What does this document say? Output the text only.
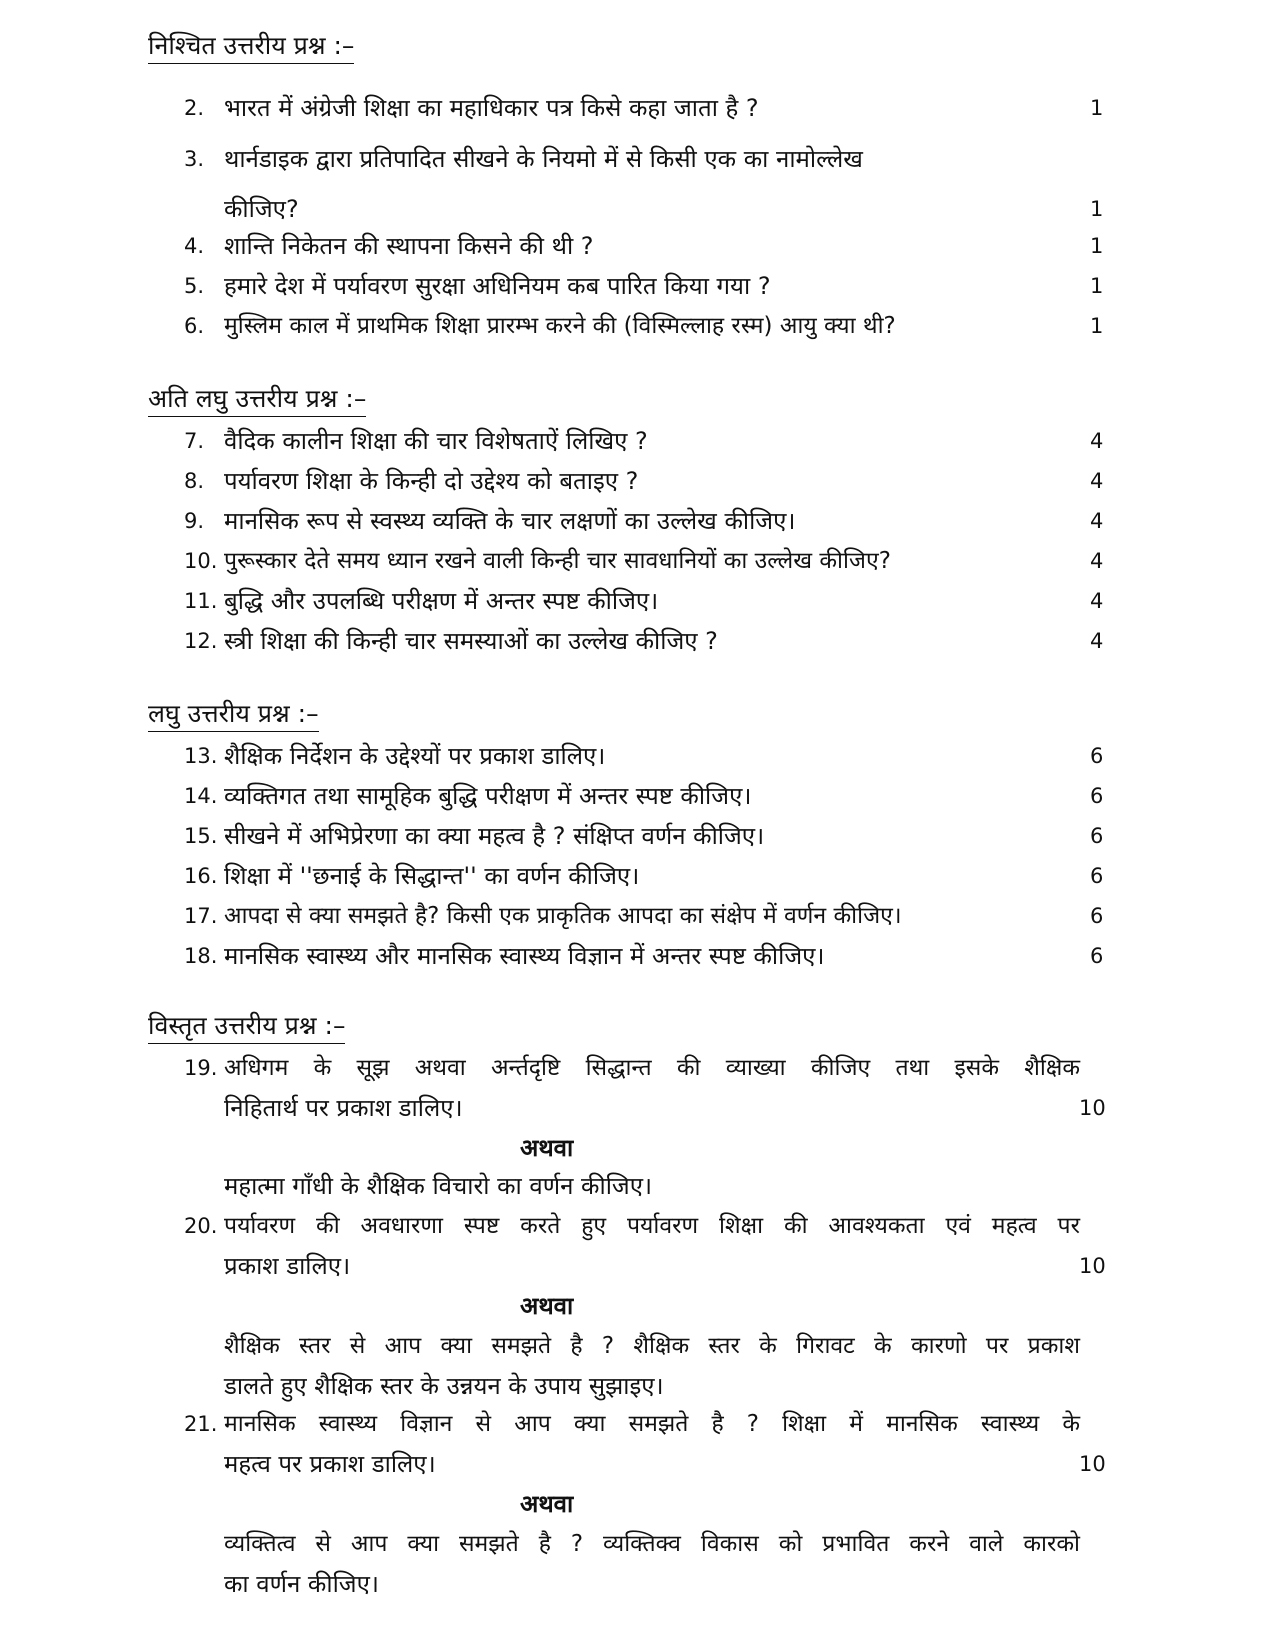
निश्चित उत्तरीय प्रश्न :–
2. भारत में अंग्रेजी शिक्षा का महाधिकार पत्र किसे कहा जाता है ?	1
3. थार्नडाइक द्वारा प्रतिपादित सीखने के नियमो में से किसी एक का नामोल्लेख
कीजिए?	1
4. शान्ति निकेतन की स्थापना किसने की थी ?	1
5. हमारे देश में पर्यावरण सुरक्षा अधिनियम कब पारित किया गया ?	1
6. मुस्लिम काल में प्राथमिक शिक्षा प्रारम्भ करने की (विस्मिल्लाह रस्म) आयु क्या थी?	1
अति लघु उत्तरीय प्रश्न :–
7. वैदिक कालीन शिक्षा की चार विशेषताऐं लिखिए ?	4
8. पर्यावरण शिक्षा के किन्ही दो उद्देश्य को बताइए ?	4
9. मानसिक रूप से स्वस्थ्य व्यक्ति के चार लक्षणों का उल्लेख कीजिए।	4
10. पुरूस्कार देते समय ध्यान रखने वाली किन्ही चार सावधानियों का उल्लेख कीजिए?	4
11. बुद्धि और उपलब्धि परीक्षण में अन्तर स्पष्ट कीजिए।	4
12. स्त्री शिक्षा की किन्ही चार समस्याओं का उल्लेख कीजिए ?	4
लघु उत्तरीय प्रश्न :–
13. शैक्षिक निर्देशन के उद्देश्यों पर प्रकाश डालिए।	6
14. व्यक्तिगत तथा सामूहिक बुद्धि परीक्षण में अन्तर स्पष्ट कीजिए।	6
15. सीखने में अभिप्रेरणा का क्या महत्व है ? संक्षिप्त वर्णन कीजिए।	6
16. शिक्षा में ''छनाई के सिद्धान्त'' का वर्णन कीजिए।	6
17. आपदा से क्या समझते है? किसी एक प्राकृतिक आपदा का संक्षेप में वर्णन कीजिए।	6
18. मानसिक स्वास्थ्य और मानसिक स्वास्थ्य विज्ञान में अन्तर स्पष्ट कीजिए।	6
विस्तृत उत्तरीय प्रश्न :–
19. अधिगम के सूझ अथवा अर्न्तदृष्टि सिद्धान्त की व्याख्या कीजिए तथा इसके शैक्षिक
निहितार्थ पर प्रकाश डालिए।	10
अथवा
महात्मा गाँधी के शैक्षिक विचारो का वर्णन कीजिए।
20. पर्यावरण की अवधारणा स्पष्ट करते हुए पर्यावरण शिक्षा की आवश्यकता एवं महत्व पर
प्रकाश डालिए।	10
अथवा
शैक्षिक स्तर से आप क्या समझते है ? शैक्षिक स्तर के गिरावट के कारणो पर प्रकाश
डालते हुए शैक्षिक स्तर के उन्नयन के उपाय सुझाइए।
21. मानसिक स्वास्थ्य विज्ञान से आप क्या समझते है ? शिक्षा में मानसिक स्वास्थ्य के
महत्व पर प्रकाश डालिए।	10
अथवा
व्यक्तित्व से आप क्या समझते है ? व्यक्तिक्व विकास को प्रभावित करने वाले कारको
का वर्णन कीजिए।
